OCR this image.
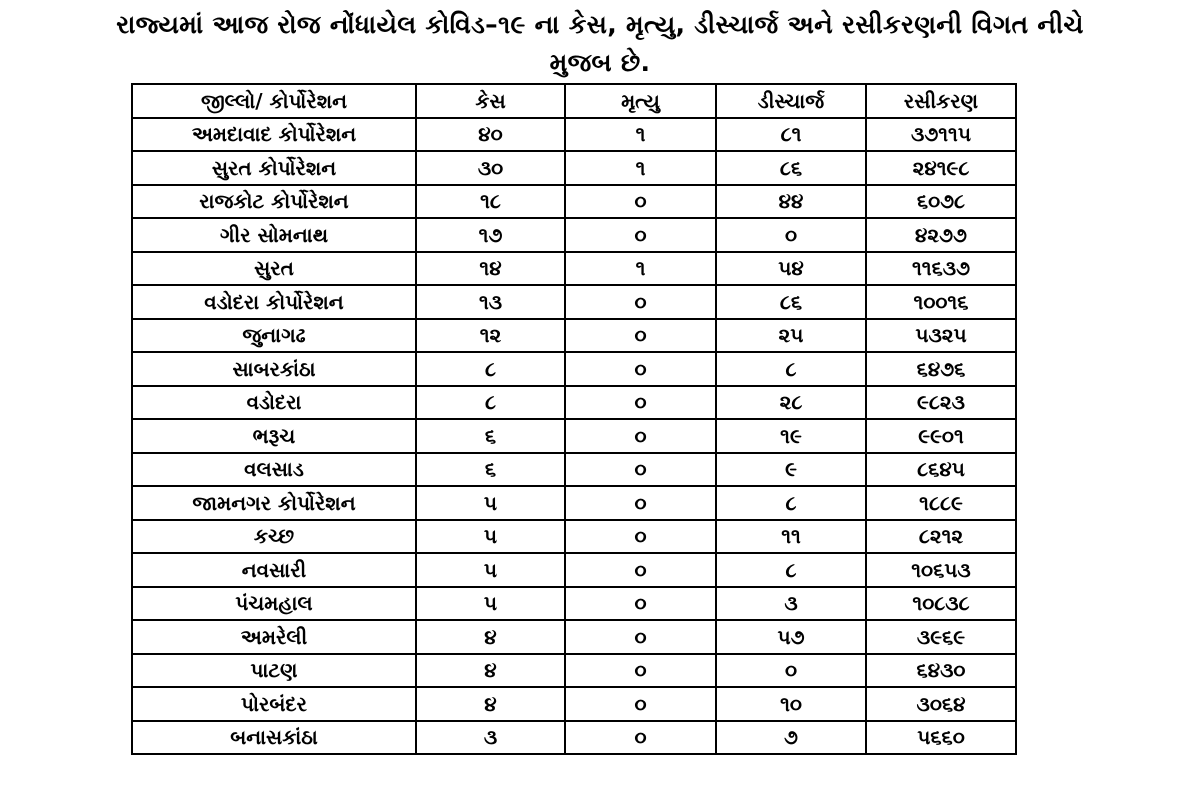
રાજ્યમાં આજ રોજ નોંધાયેલ કોવિડ–૧૯ ના કેસ, મૃત્યુ, ડીસ્ચાર્જ અને રસીકરણની વિગત નીચે
મુજબ છે.
જીલ્લો/ કોર્પોરેશન	કેસ	મૃત્યુ	ડીસ્ચાર્જ	રસીકરણ
અમદાવાદ કોર્પોરેશન	૪૦	૧	૮૧	૩૭૧૧૫
સુરત કોર્પોરેશન	૩૦	૧	૮૬	૨૪૧૯૮
રાજકોટ કોર્પોરેશન	૧૮	૦	૪૪	૬૦૭૮
ગીર સોમનાથ	૧૭	૦	૦	૪૨૭૭
સુરત	૧૪	૧	૫૪	૧૧૬૩૭
વડોદરા કોર્પોરેશન	૧૩	૦	૮૬	૧૦૦૧૬
જુનાગઢ	૧૨	૦	૨૫	૫૩૨૫
સાબરકાંઠા	૮	૦	૮	૬૪૭૬
વડોદરા	૮	૦	૨૮	૯૮૨૩
ભરૂચ	૬	૦	૧૯	૯૯૦૧
વલસાડ	૬	૦	૯	૮૬૪૫
જામનગર કોર્પોરેશન	૫	૦	૮	૧૮૮૯
કચ્છ	૫	૦	૧૧	૮૨૧૨
નવસારી	૫	૦	૮	૧૦૬૫૩
પંચમહાલ	૫	૦	૩	૧૦૮૩૮
અમરેલી	૪	૦	૫૭	૩૯૬૯
પાટણ	૪	૦	૦	૬૪૩૦
પોરબંદર	૪	૦	૧૦	૩૦૬૪
બનાસકાંઠા	૩	૦	૭	૫૬૬૦
